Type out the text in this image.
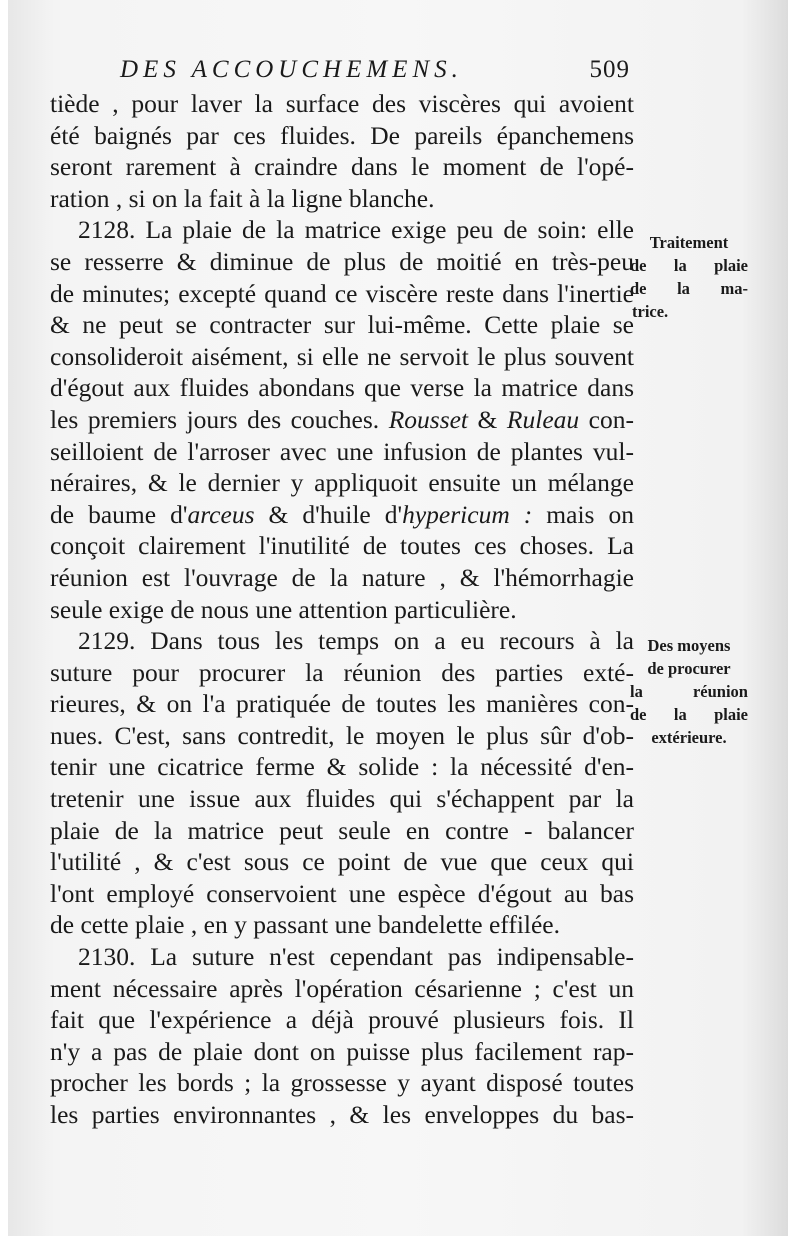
DES ACCOUCHEMENS.	509
tiède , pour laver la surface des viscères qui avoient
été baignés par ces fluides. De pareils épanchemens
seront rarement à craindre dans le moment de l'opé-
ration , si on la fait à la ligne blanche.
2128. La plaie de la matrice exige peu de soin: elle
se resserre & diminue de plus de moitié en très-peu
de minutes; excepté quand ce viscère reste dans l'inertie
& ne peut se contracter sur lui-même. Cette plaie se
consolideroit aisément, si elle ne servoit le plus souvent
d'égout aux fluides abondans que verse la matrice dans
les premiers jours des couches. Rousset & Ruleau con-
seilloient de l'arroser avec une infusion de plantes vul-
néraires, & le dernier y appliquoit ensuite un mélange
de baume d'arceus & d'huile d'hypericum : mais on
conçoit clairement l'inutilité de toutes ces choses. La
réunion est l'ouvrage de la nature , & l'hémorrhagie
seule exige de nous une attention particulière.
2129. Dans tous les temps on a eu recours à la
suture pour procurer la réunion des parties exté-
rieures, & on l'a pratiquée de toutes les manières con-
nues. C'est, sans contredit, le moyen le plus sûr d'ob-
tenir une cicatrice ferme & solide : la nécessité d'en-
tretenir une issue aux fluides qui s'échappent par la
plaie de la matrice peut seule en contre - balancer
l'utilité , & c'est sous ce point de vue que ceux qui
l'ont employé conservoient une espèce d'égout au bas
de cette plaie , en y passant une bandelette effilée.
2130. La suture n'est cependant pas indipensable-
ment nécessaire après l'opération césarienne ; c'est un
fait que l'expérience a déjà prouvé plusieurs fois. Il
n'y a pas de plaie dont on puisse plus facilement rap-
procher les bords ; la grossesse y ayant disposé toutes
les parties environnantes , & les enveloppes du bas-
Traitement
de la plaie
de la ma-
trice.
Des moyens
de procurer
la réunion
de la plaie
extérieure.
